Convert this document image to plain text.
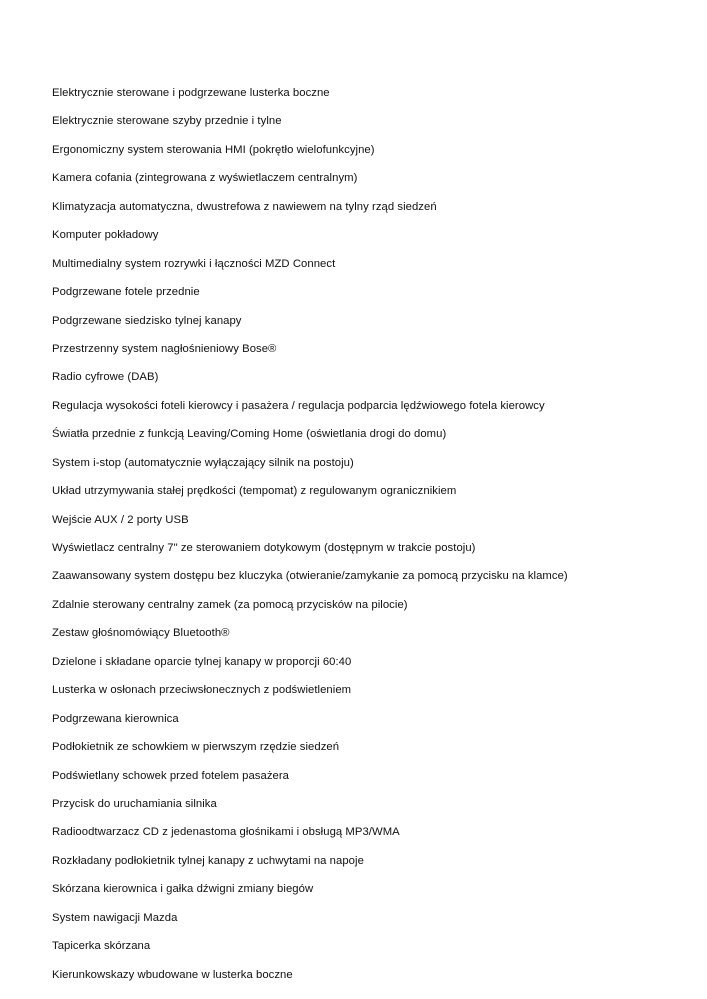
Elektrycznie sterowane i podgrzewane lusterka boczne
Elektrycznie sterowane szyby przednie i tylne
Ergonomiczny system sterowania HMI (pokrętło wielofunkcyjne)
Kamera cofania (zintegrowana z wyświetlaczem centralnym)
Klimatyzacja automatyczna, dwustrefowa z nawiewem na tylny rząd siedzeń
Komputer pokładowy
Multimedialny system rozrywki i łączności MZD Connect
Podgrzewane fotele przednie
Podgrzewane siedzisko tylnej kanapy
Przestrzenny system nagłośnieniowy Bose®
Radio cyfrowe (DAB)
Regulacja wysokości foteli kierowcy i pasażera / regulacja podparcia lędźwiowego fotela kierowcy
Światła przednie z funkcją Leaving/Coming Home (oświetlania drogi do domu)
System i-stop (automatycznie wyłączający silnik na postoju)
Układ utrzymywania stałej prędkości (tempomat) z regulowanym ogranicznikiem
Wejście AUX / 2 porty USB
Wyświetlacz centralny 7" ze sterowaniem dotykowym (dostępnym w trakcie postoju)
Zaawansowany system dostępu bez kluczyka (otwieranie/zamykanie za pomocą przycisku na klamce)
Zdalnie sterowany centralny zamek (za pomocą przycisków na pilocie)
Zestaw głośnomówiący Bluetooth®
Dzielone i składane oparcie tylnej kanapy w proporcji 60:40
Lusterka w osłonach przeciwsłonecznych z podświetleniem
Podgrzewana kierownica
Podłokietnik ze schowkiem w pierwszym rzędzie siedzeń
Podświetlany schowek przed fotelem pasażera
Przycisk do uruchamiania silnika
Radioodtwarzacz CD z jedenastoma głośnikami i obsługą MP3/WMA
Rozkładany podłokietnik tylnej kanapy z uchwytami na napoje
Skórzana kierownica i gałka dźwigni zmiany biegów
System nawigacji Mazda
Tapicerka skórzana
Kierunkowskazy wbudowane w lusterka boczne
